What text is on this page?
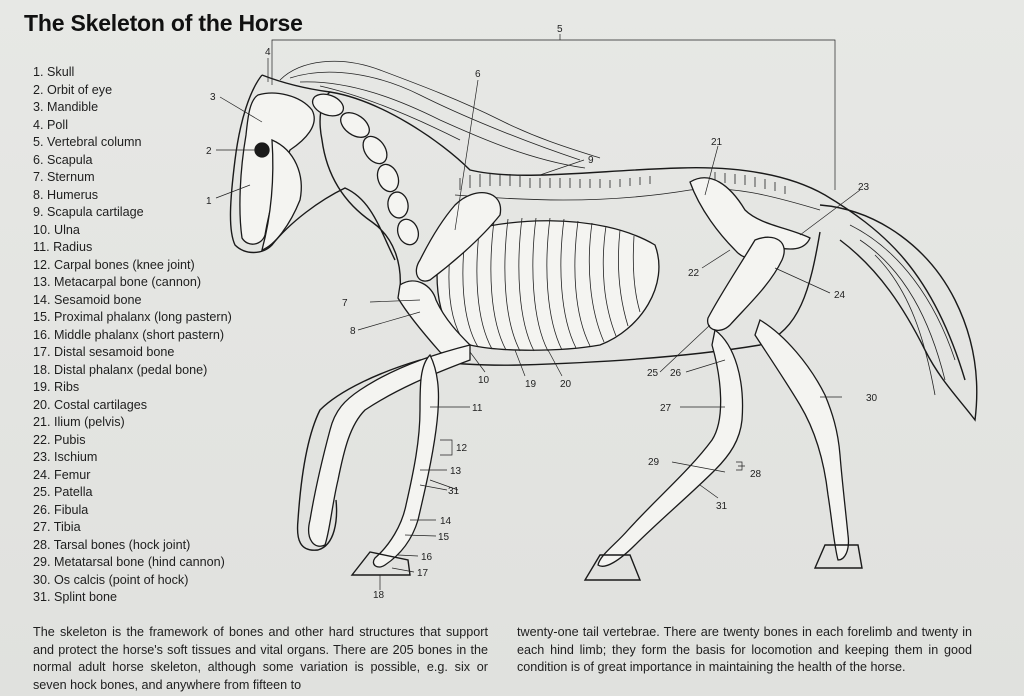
The Skeleton of the Horse
1. Skull
2. Orbit of eye
3. Mandible
4. Poll
5. Vertebral column
6. Scapula
7. Sternum
8. Humerus
9. Scapula cartilage
10. Ulna
11. Radius
12. Carpal bones (knee joint)
13. Metacarpal bone (cannon)
14. Sesamoid bone
15. Proximal phalanx (long pastern)
16. Middle phalanx (short pastern)
17. Distal sesamoid bone
18. Distal phalanx (pedal bone)
19. Ribs
20. Costal cartilages
21. Ilium (pelvis)
22. Pubis
23. Ischium
24. Femur
25. Patella
26. Fibula
27. Tibia
28. Tarsal bones (hock joint)
29. Metatarsal bone (hind cannon)
30. Os calcis (point of hock)
31. Splint bone
1
2
3
4
5
6
7
8
9
10
11
12
13
31
14
15
16
17
18
19 20
21
22
23
24
25 26
27
28
29
30
31

The skeleton is the framework of bones and other hard structures that support and protect the horse's soft tissues and vital organs. There are 205 bones in the normal adult horse skeleton, although some variation is possible, e.g. six or seven hock bones, and anywhere from fifteen to

twenty-one tail vertebrae. There are twenty bones in each forelimb and twenty in each hind limb; they form the basis for locomotion and keeping them in good condition is of great importance in maintaining the health of the horse.
